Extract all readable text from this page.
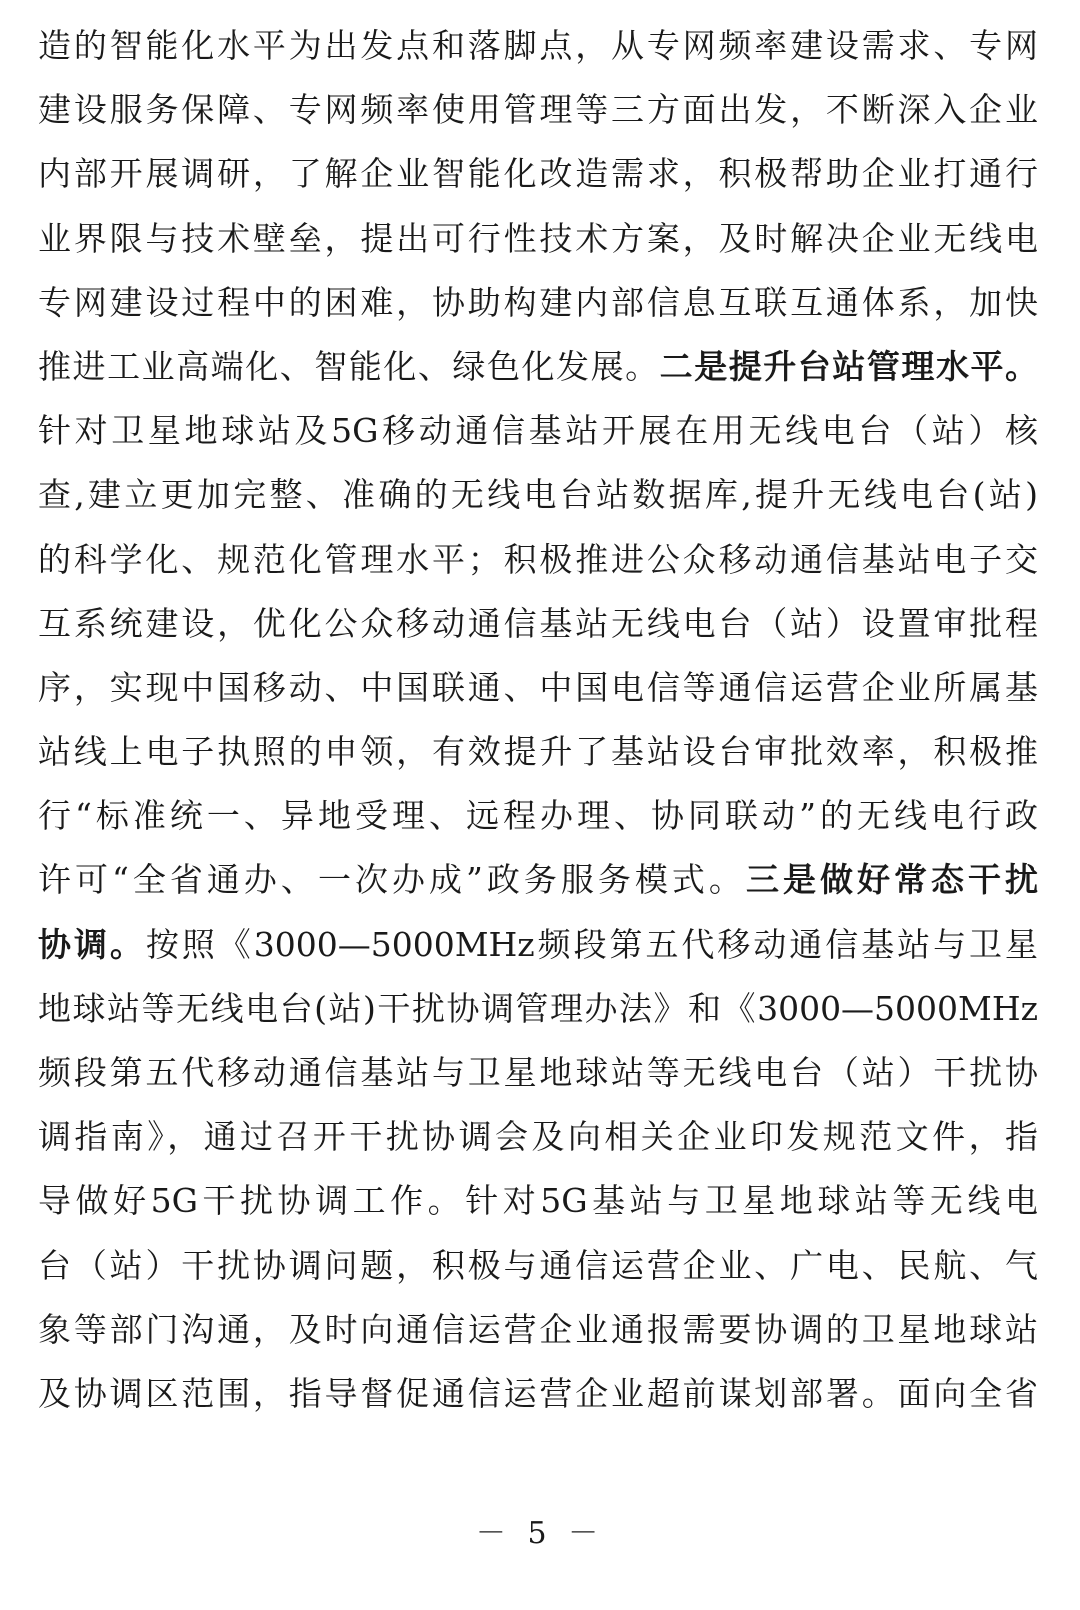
造的智能化水平为出发点和落脚点，从专网频率建设需求、专网
建设服务保障、专网频率使用管理等三方面出发，不断深入企业
内部开展调研，了解企业智能化改造需求，积极帮助企业打通行
业界限与技术壁垒，提出可行性技术方案，及时解决企业无线电
专网建设过程中的困难，协助构建内部信息互联互通体系，加快
推进工业高端化、智能化、绿色化发展。二是提升台站管理水平。
针对卫星地球站及5G移动通信基站开展在用无线电台（站）核
查,建立更加完整、准确的无线电台站数据库,提升无线电台(站)
的科学化、规范化管理水平；积极推进公众移动通信基站电子交
互系统建设，优化公众移动通信基站无线电台（站）设置审批程
序，实现中国移动、中国联通、中国电信等通信运营企业所属基
站线上电子执照的申领，有效提升了基站设台审批效率，积极推
行“标准统一、异地受理、远程办理、协同联动”的无线电行政
许可“全省通办、一次办成”政务服务模式。三是做好常态干扰
协调。按照《3000—5000MHz频段第五代移动通信基站与卫星
地球站等无线电台(站)干扰协调管理办法》和《3000—5000MHz
频段第五代移动通信基站与卫星地球站等无线电台（站）干扰协
调指南》，通过召开干扰协调会及向相关企业印发规范文件，指
导做好5G干扰协调工作。针对5G基站与卫星地球站等无线电
台（站）干扰协调问题，积极与通信运营企业、广电、民航、气
象等部门沟通，及时向通信运营企业通报需要协调的卫星地球站
及协调区范围，指导督促通信运营企业超前谋划部署。面向全省
－ 5 －
